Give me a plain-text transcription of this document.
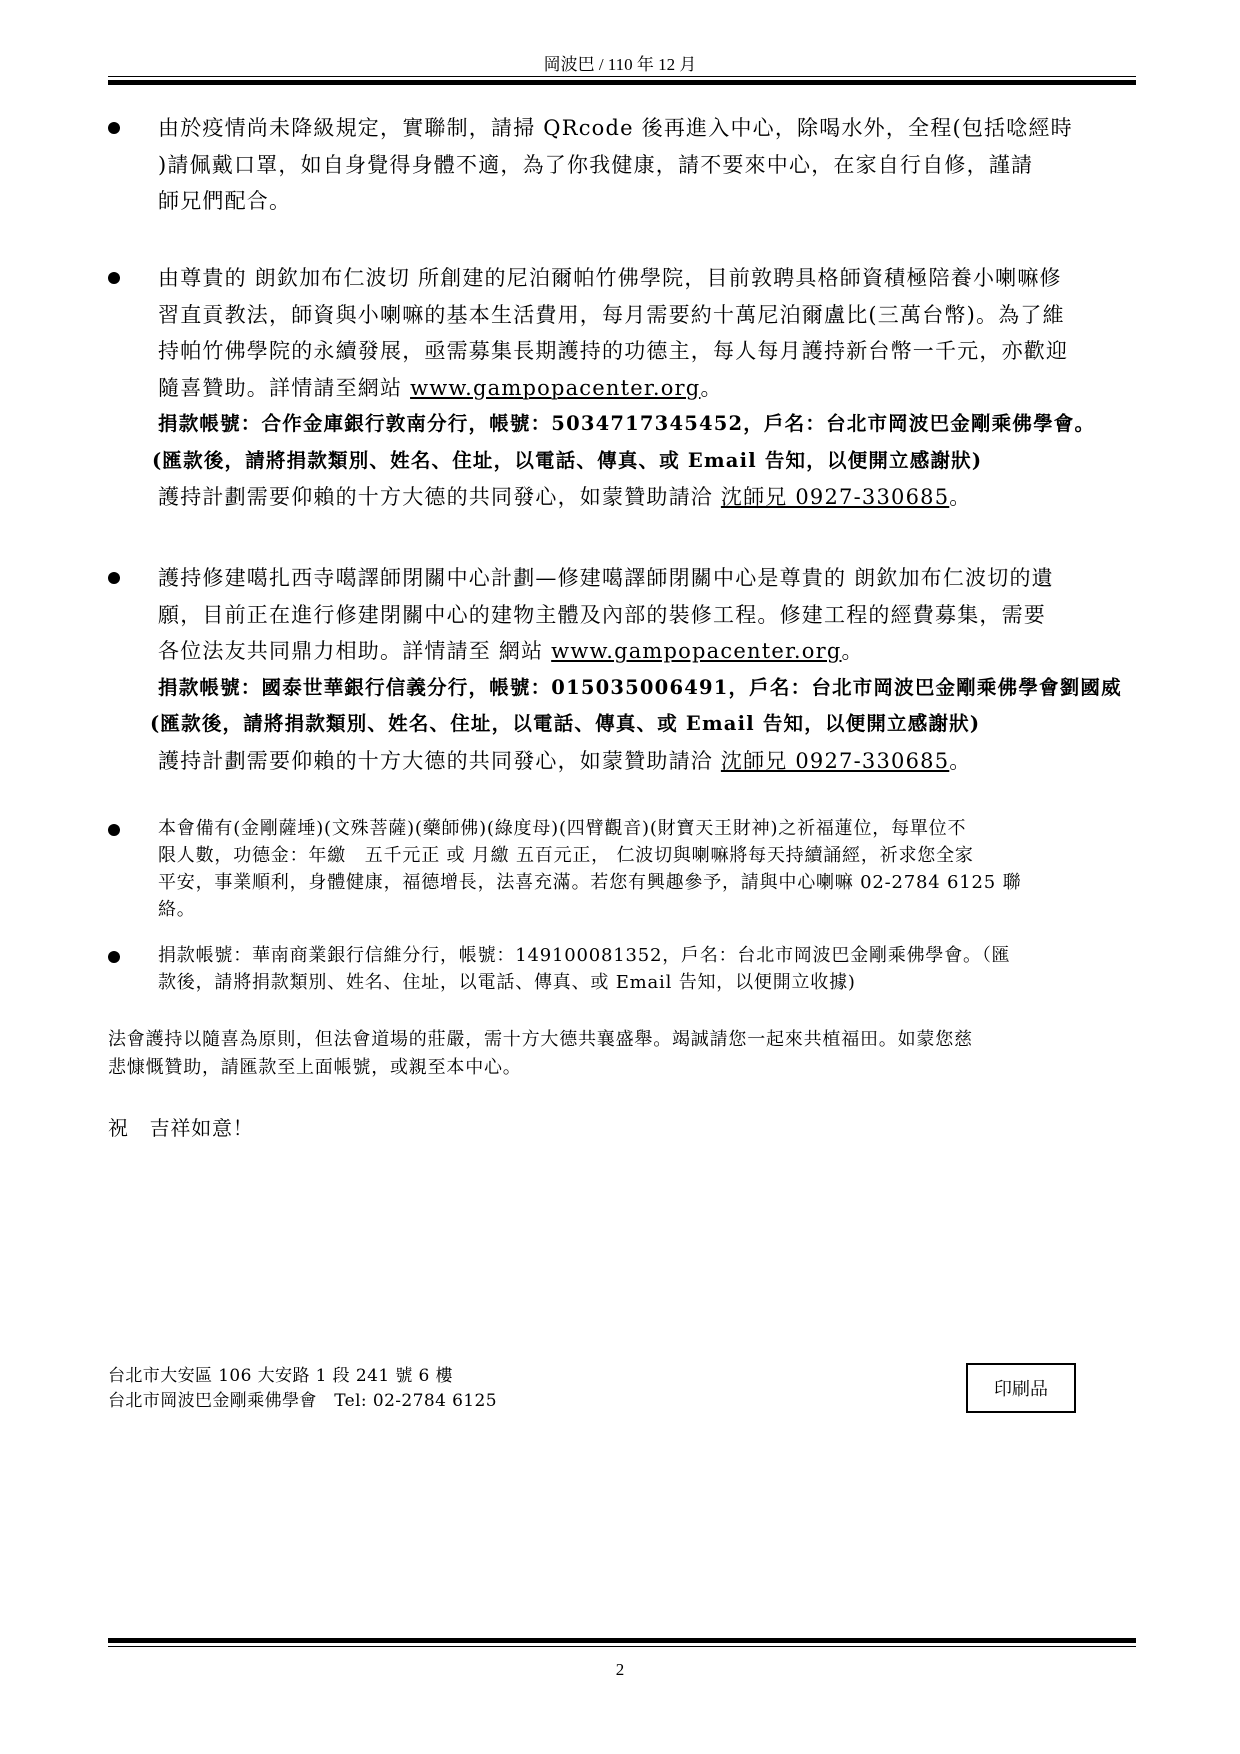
岡波巴 / 110 年 12 月
由於疫情尚未降級規定，實聯制，請掃 QRcode 後再進入中心，除喝水外，全程(包括唸經時
)請佩戴口罩，如自身覺得身體不適，為了你我健康，請不要來中心，在家自行自修，謹請
師兄們配合。
由尊貴的 朗欽加布仁波切 所創建的尼泊爾帕竹佛學院，目前敦聘具格師資積極陪養小喇嘛修
習直貢教法，師資與小喇嘛的基本生活費用，每月需要約十萬尼泊爾盧比(三萬台幣)。為了維
持帕竹佛學院的永續發展，亟需募集長期護持的功德主，每人每月護持新台幣一千元，亦歡迎
隨喜贊助。詳情請至網站 www.gampopacenter.org。
捐款帳號：合作金庫銀行敦南分行，帳號：5034717345452，戶名：台北市岡波巴金剛乘佛學會。
(匯款後，請將捐款類別、姓名、住址，以電話、傳真、或 Email 告知，以便開立感謝狀)
護持計劃需要仰賴的十方大德的共同發心，如蒙贊助請洽 沈師兄 0927-330685。
護持修建噶扎西寺噶譯師閉關中心計劃—修建噶譯師閉關中心是尊貴的 朗欽加布仁波切的遺
願，目前正在進行修建閉關中心的建物主體及內部的裝修工程。修建工程的經費募集，需要
各位法友共同鼎力相助。詳情請至 網站 www.gampopacenter.org。
捐款帳號：國泰世華銀行信義分行，帳號：015035006491，戶名：台北市岡波巴金剛乘佛學會劉國威
(匯款後，請將捐款類別、姓名、住址，以電話、傳真、或 Email 告知，以便開立感謝狀)
護持計劃需要仰賴的十方大德的共同發心，如蒙贊助請洽 沈師兄 0927-330685。
本會備有(金剛薩埵)(文殊菩薩)(藥師佛)(綠度母)(四臂觀音)(財寶天王財神)之祈福蓮位，每單位不
限人數，功德金：年繳　五千元正 或 月繳 五百元正， 仁波切與喇嘛將每天持續誦經，祈求您全家
平安，事業順利，身體健康，福德增長，法喜充滿。若您有興趣參予，請與中心喇嘛 02-2784 6125 聯
絡。
捐款帳號：華南商業銀行信維分行，帳號：149100081352，戶名：台北市岡波巴金剛乘佛學會。（匯
款後，請將捐款類別、姓名、住址，以電話、傳真、或 Email 告知，以便開立收據)
法會護持以隨喜為原則，但法會道場的莊嚴，需十方大德共襄盛舉。竭誠請您一起來共植福田。如蒙您慈
悲慷慨贊助，請匯款至上面帳號，或親至本中心。
祝　吉祥如意！
台北市大安區 106 大安路 1 段 241 號 6 樓
台北市岡波巴金剛乘佛學會　Tel: 02-2784 6125
印刷品
2
